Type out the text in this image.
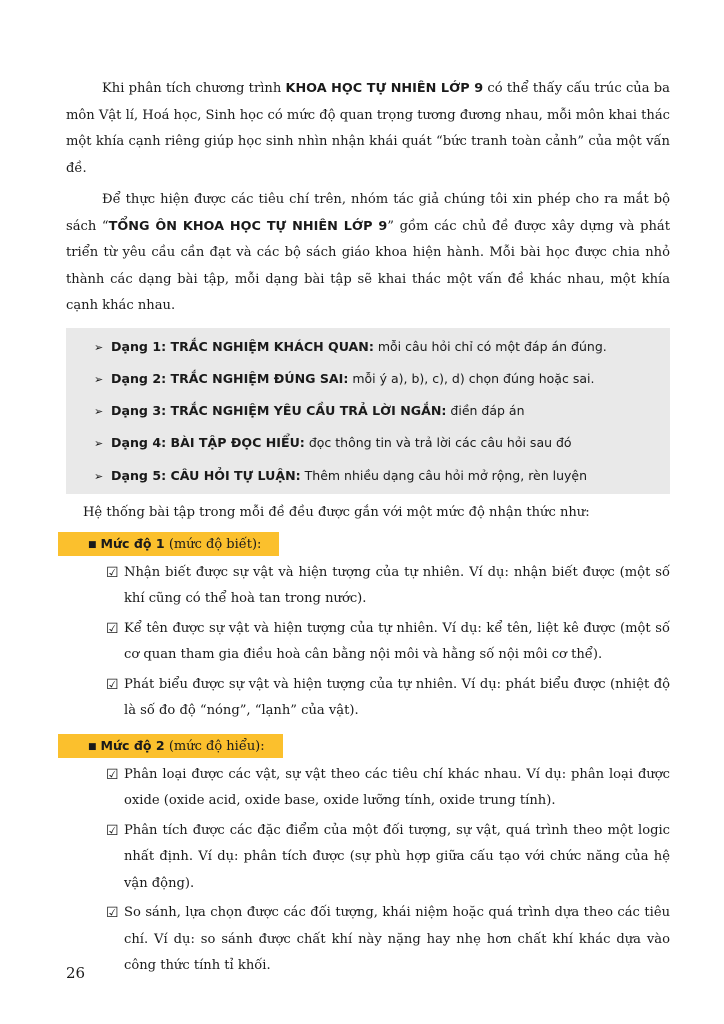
Khi phân tích chương trình KHOA HỌC TỰ NHIÊN LỚP 9 có thể thấy cấu trúc của ba môn Vật lí, Hoá học, Sinh học có mức độ quan trọng tương đương nhau, mỗi môn khai thác một khía cạnh riêng giúp học sinh nhìn nhận khái quát “bức tranh toàn cảnh” của một vấn đề.

Để thực hiện được các tiêu chí trên, nhóm tác giả chúng tôi xin phép cho ra mắt bộ sách “TỔNG ÔN KHOA HỌC TỰ NHIÊN LỚP 9” gồm các chủ đề được xây dựng và phát triển từ yêu cầu cần đạt và các bộ sách giáo khoa hiện hành. Mỗi bài học được chia nhỏ thành các dạng bài tập, mỗi dạng bài tập sẽ khai thác một vấn đề khác nhau, một khía cạnh khác nhau.

➢ Dạng 1: TRẮC NGHIỆM KHÁCH QUAN: mỗi câu hỏi chỉ có một đáp án đúng.
➢ Dạng 2: TRẮC NGHIỆM ĐÚNG SAI: mỗi ý a), b), c), d) chọn đúng hoặc sai.
➢ Dạng 3: TRẮC NGHIỆM YÊU CẦU TRẢ LỜI NGẮN: điền đáp án
➢ Dạng 4: BÀI TẬP ĐỌC HIỂU: đọc thông tin và trả lời các câu hỏi sau đó
➢ Dạng 5: CÂU HỎI TỰ LUẬN: Thêm nhiều dạng câu hỏi mở rộng, rèn luyện
Hệ thống bài tập trong mỗi đề đều được gắn với một mức độ nhận thức như:
■ Mức độ 1 (mức độ biết):
☑ Nhận biết được sự vật và hiện tượng của tự nhiên. Ví dụ: nhận biết được (một số khí cũng có thể hoà tan trong nước).
☑ Kể tên được sự vật và hiện tượng của tự nhiên. Ví dụ: kể tên, liệt kê được (một số cơ quan tham gia điều hoà cân bằng nội môi và hằng số nội môi cơ thể).
☑ Phát biểu được sự vật và hiện tượng của tự nhiên. Ví dụ: phát biểu được (nhiệt độ là số đo độ “nóng”, “lạnh” của vật).
■ Mức độ 2 (mức độ hiểu):
☑ Phân loại được các vật, sự vật theo các tiêu chí khác nhau. Ví dụ: phân loại được oxide (oxide acid, oxide base, oxide lưỡng tính, oxide trung tính).
☑ Phân tích được các đặc điểm của một đối tượng, sự vật, quá trình theo một logic nhất định. Ví dụ: phân tích được (sự phù hợp giữa cấu tạo với chức năng của hệ vận động).
☑ So sánh, lựa chọn được các đối tượng, khái niệm hoặc quá trình dựa theo các tiêu chí. Ví dụ: so sánh được chất khí này nặng hay nhẹ hơn chất khí khác dựa vào công thức tính tỉ khối.
26
